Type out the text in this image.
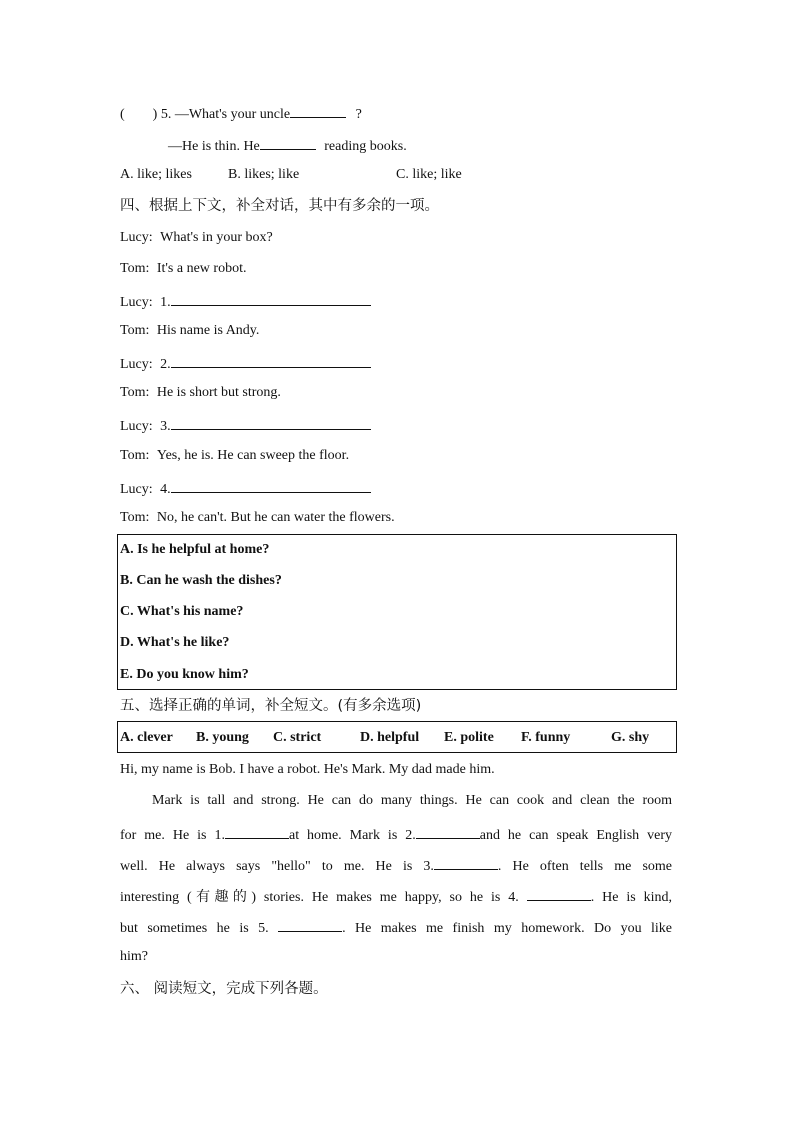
(        ) 5. —What's your uncle	?
—He is thin. He	reading books.
A. like; likes	B. likes; like	C. like; like
四、根据上下文，补全对话，其中有多余的一项。
Lucy: What's in your box?
Tom: It's a new robot.
Lucy: 1.
Tom: His name is Andy.
Lucy: 2.
Tom: He is short but strong.
Lucy: 3.
Tom: Yes, he is. He can sweep the floor.
Lucy: 4.
Tom: No, he can't. But he can water the flowers.
A. Is he helpful at home?
B. Can he wash the dishes?
C. What's his name?
D. What's he like?
E. Do you know him?
五、选择正确的单词，补全短文。(有多余选项)
A. clever B. young C. strict	D. helpful E. polite F. funny	G. shy
Hi, my name is Bob. I have a robot. He's Mark. My dad made him.
Mark is tall and strong. He can do many things. He can cook and clean the room
for me. He is 1.	at home. Mark is 2.	and he can speak English very
well. He always says "hello" to me. He is 3.	. He often tells me some
interesting (有趣的) stories. He makes me happy, so he is 4.	. He is kind,
but sometimes he is 5.	. He makes me finish my homework. Do you like
him?
六、 阅读短文，完成下列各题。
